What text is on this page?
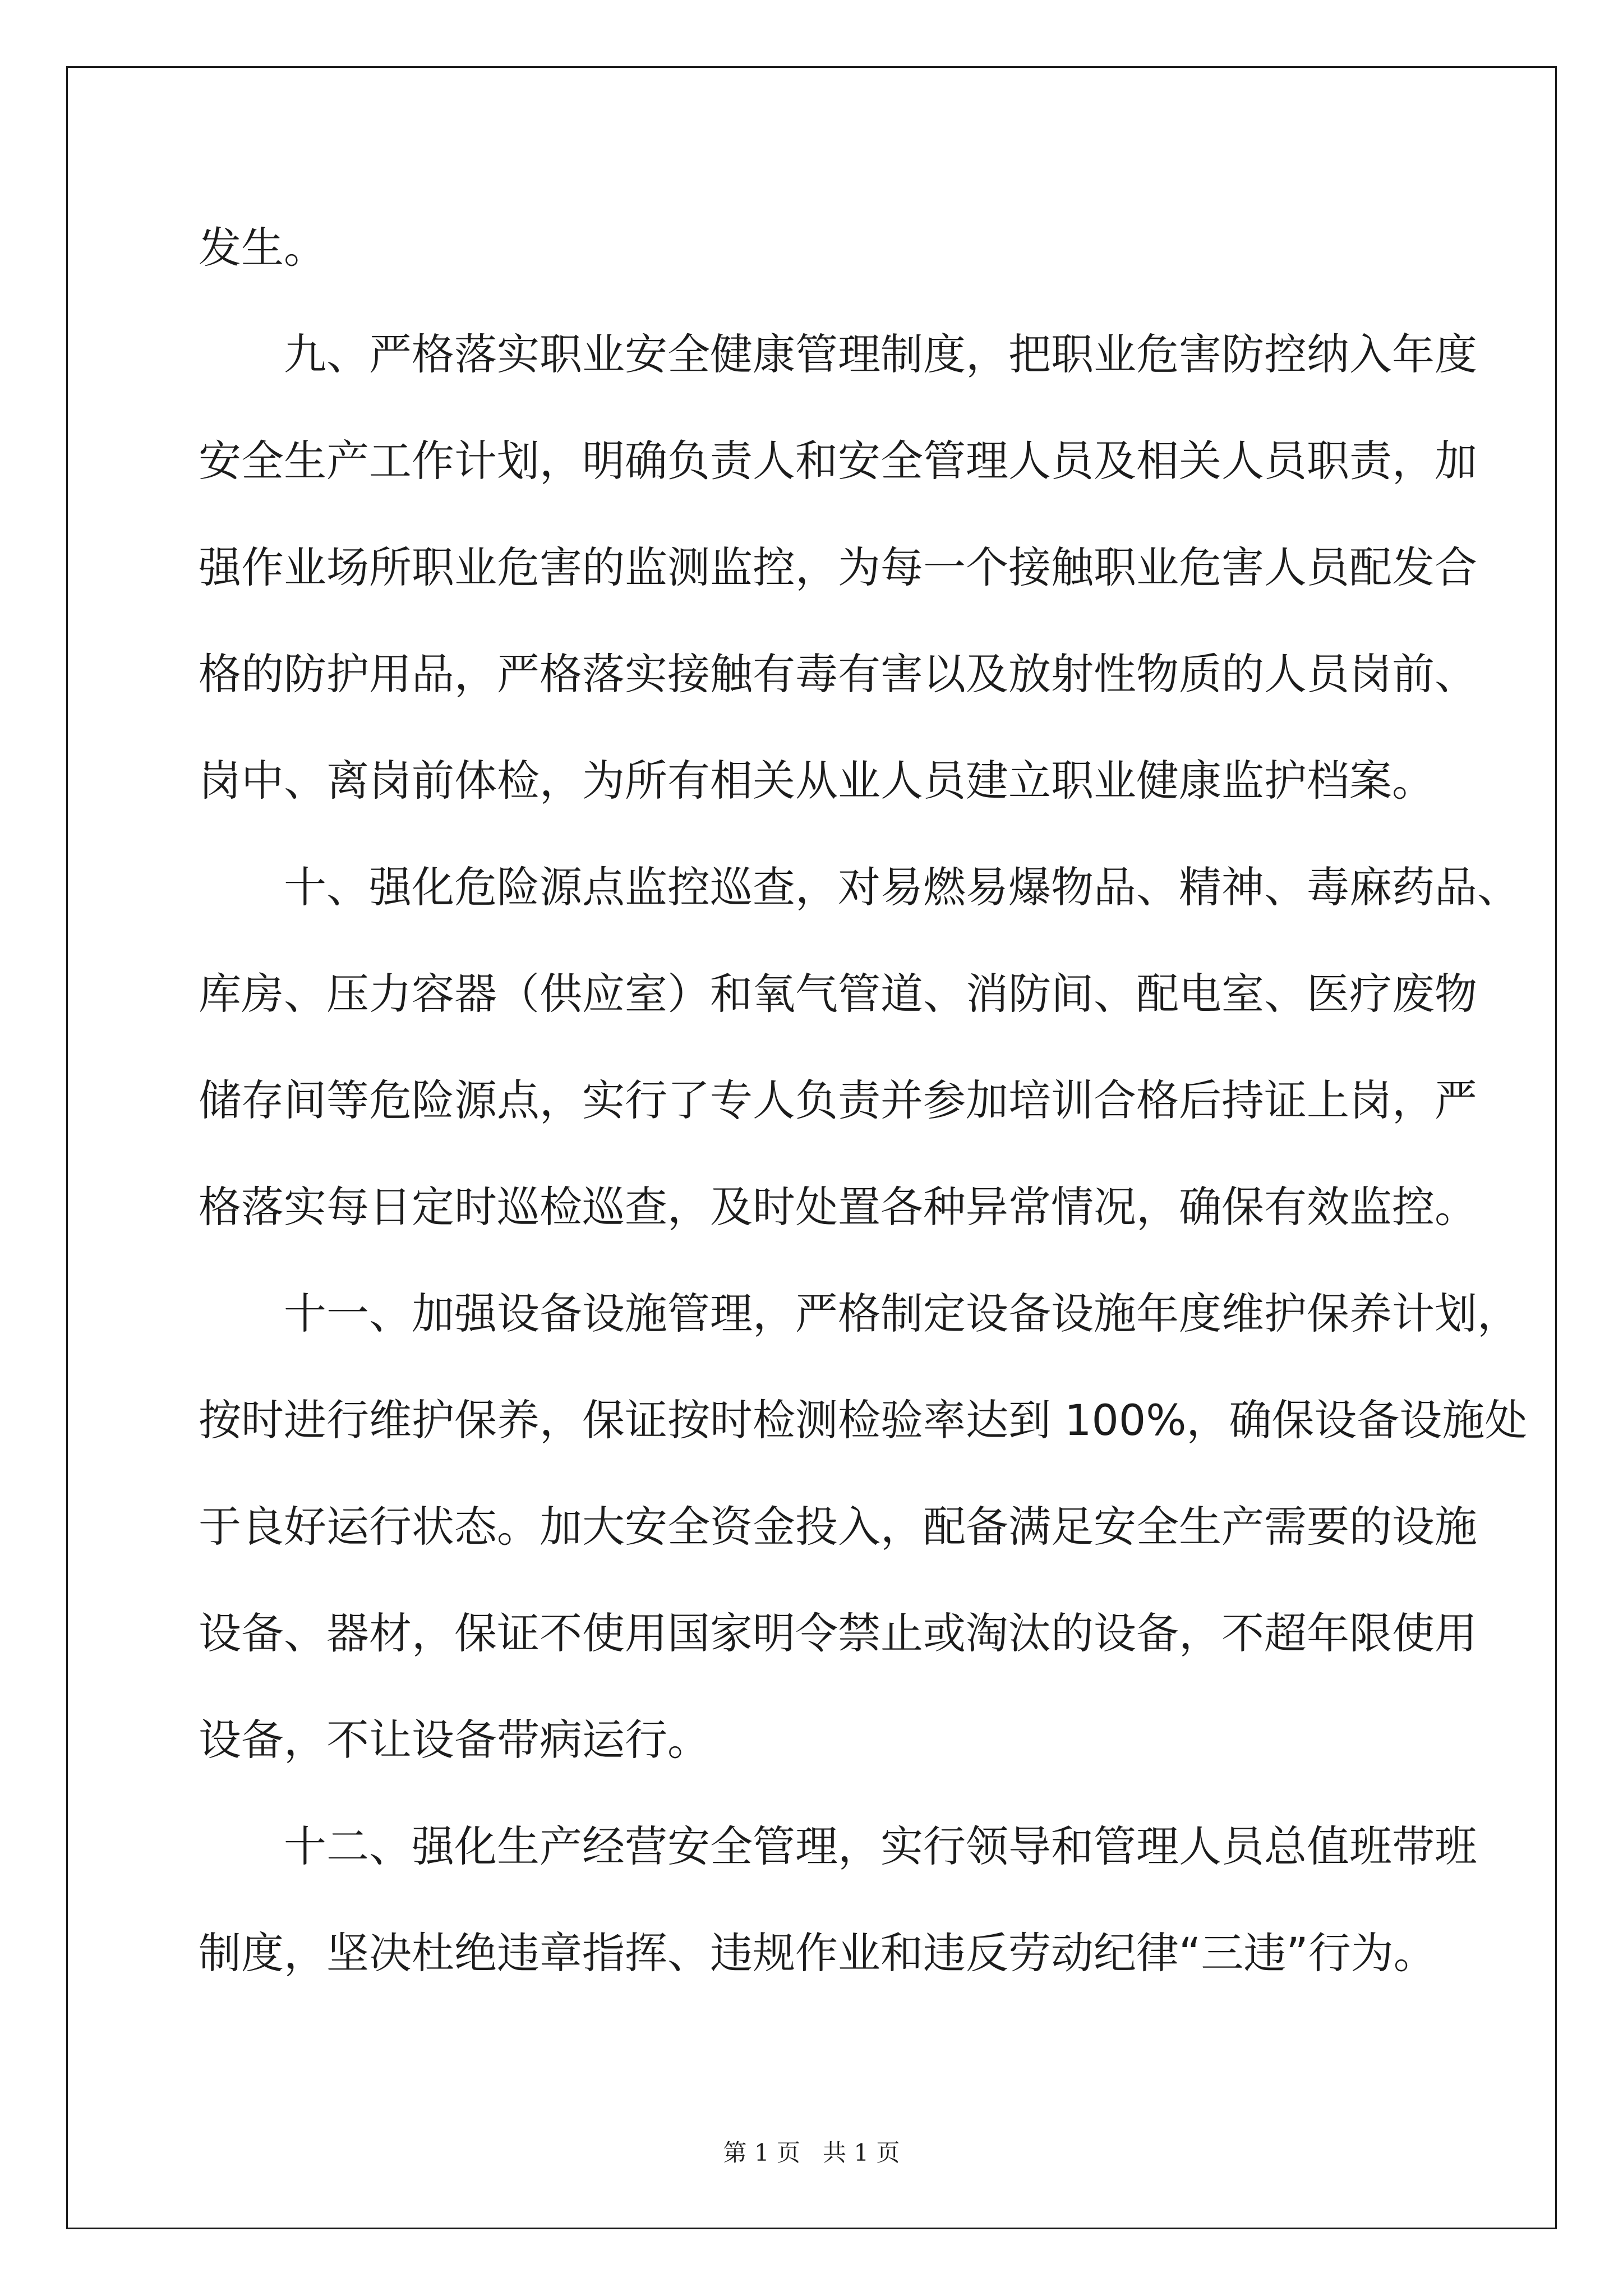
发生。
九、严格落实职业安全健康管理制度，把职业危害防控纳入年度
安全生产工作计划，明确负责人和安全管理人员及相关人员职责，加
强作业场所职业危害的监测监控，为每一个接触职业危害人员配发合
格的防护用品，严格落实接触有毒有害以及放射性物质的人员岗前、
岗中、离岗前体检，为所有相关从业人员建立职业健康监护档案。
十、强化危险源点监控巡查，对易燃易爆物品、精神、毒麻药品、
库房、压力容器（供应室）和氧气管道、消防间、配电室、医疗废物
储存间等危险源点，实行了专人负责并参加培训合格后持证上岗，严
格落实每日定时巡检巡查，及时处置各种异常情况，确保有效监控。
十一、加强设备设施管理，严格制定设备设施年度维护保养计划，
按时进行维护保养，保证按时检测检验率达到 100%，确保设备设施处
于良好运行状态。加大安全资金投入，配备满足安全生产需要的设施
设备、器材，保证不使用国家明令禁止或淘汰的设备，不超年限使用
设备，不让设备带病运行。
十二、强化生产经营安全管理，实行领导和管理人员总值班带班
制度，坚决杜绝违章指挥、违规作业和违反劳动纪律“三违”行为。
第 1 页   共 1 页
